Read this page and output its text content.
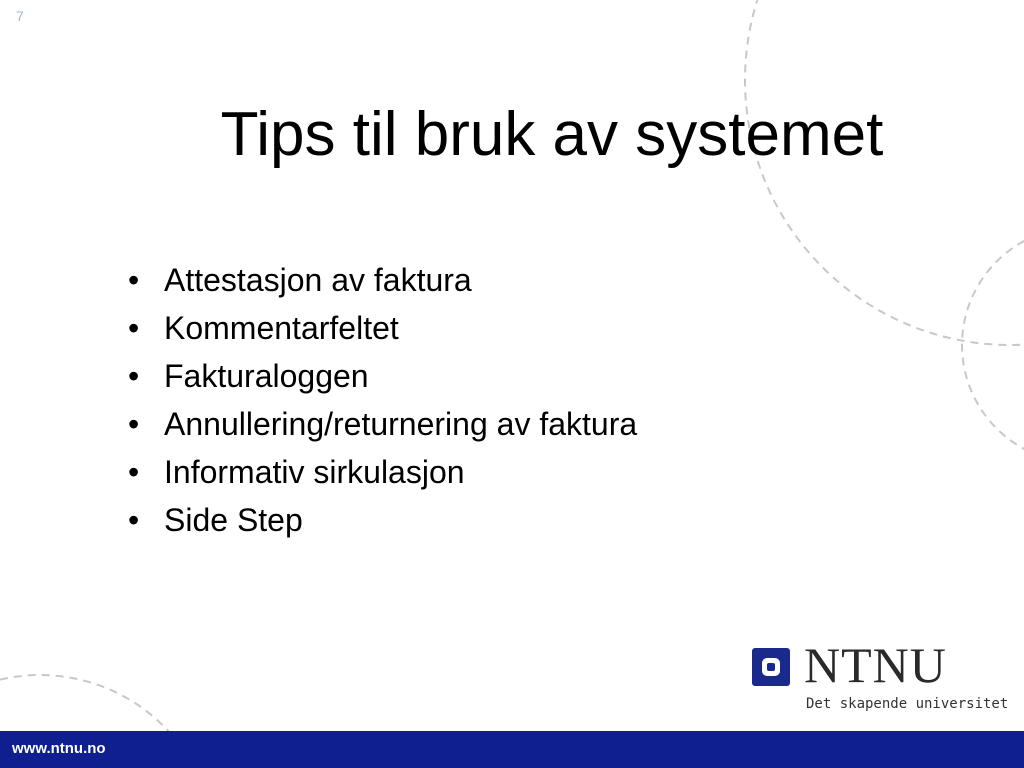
7
Tips til bruk av systemet
• Attestasjon av faktura
• Kommentarfeltet
• Fakturaloggen
• Annullering/returnering av faktura
• Informativ sirkulasjon
• Side Step
NTNU
Det skapende universitet
www.ntnu.no
